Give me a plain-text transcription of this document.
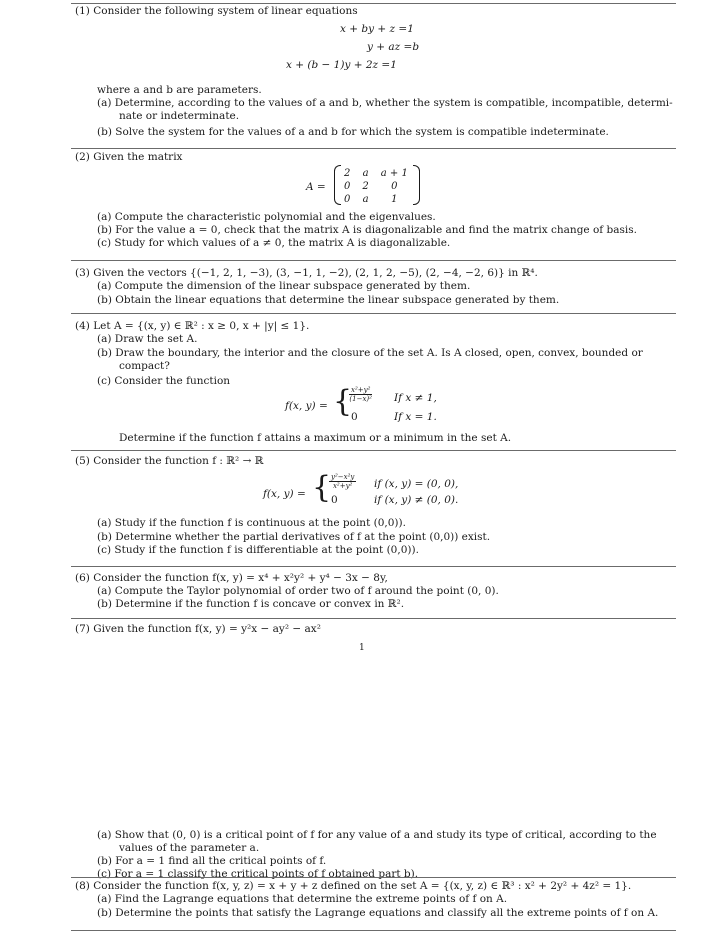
(1) Consider the following system of linear equations
x + by + z =1
y + az =b
x + (b − 1)y + 2z =1
where a and b are parameters.
(a) Determine, according to the values of a and b, whether the system is compatible, incompatible, determi-
nate or indeterminate.
(b) Solve the system for the values of a and b for which the system is compatible indeterminate.
(2) Given the matrix
A =
2	a	a + 1
0	2	0
0	a	1
(a) Compute the characteristic polynomial and the eigenvalues.
(b) For the value a = 0, check that the matrix A is diagonalizable and find the matrix change of basis.
(c) Study for which values of a ≠ 0, the matrix A is diagonalizable.
(3) Given the vectors {(−1, 2, 1, −3), (3, −1, 1, −2), (2, 1, 2, −5), (2, −4, −2, 6)} in ℝ⁴.
(a) Compute the dimension of the linear subspace generated by them.
(b) Obtain the linear equations that determine the linear subspace generated by them.
(4) Let A = {(x, y) ∈ ℝ² : x ≥ 0, x + |y| ≤ 1}.
(a) Draw the set A.
(b) Draw the boundary, the interior and the closure of the set A. Is A closed, open, convex, bounded or
compact?
(c) Consider the function
f(x, y) = {
$\frac{\text{x²+y²}}{\text{(1−x)²}}$ If x ≠ 1,
0	If x = 1.
Determine if the function f attains a maximum or a minimum in the set A.
(5) Consider the function f : ℝ² → ℝ
f(x, y) = {
$\frac{\text{y²−x²y}}{\text{x²+y²}}$ if (x, y) = (0, 0),
0	if (x, y) ≠ (0, 0).
(a) Study if the function f is continuous at the point (0,0)).
(b) Determine whether the partial derivatives of f at the point (0,0)) exist.
(c) Study if the function f is differentiable at the point (0,0)).
(6) Consider the function f(x, y) = x⁴ + x²y² + y⁴ − 3x − 8y,
(a) Compute the Taylor polynomial of order two of f around the point (0, 0).
(b) Determine if the function f is concave or convex in ℝ².
(7) Given the function f(x, y) = y²x − ay² − ax²
1
(a) Show that (0, 0) is a critical point of f for any value of a and study its type of critical, according to the
values of the parameter a.
(b) For a = 1 find all the critical points of f.
(c) For a = 1 classify the critical points of f obtained part b).
(8) Consider the function f(x, y, z) = x + y + z defined on the set A = {(x, y, z) ∈ ℝ³ : x² + 2y² + 4z² = 1}.
(a) Find the Lagrange equations that determine the extreme points of f on A.
(b) Determine the points that satisfy the Lagrange equations and classify all the extreme points of f on A.
